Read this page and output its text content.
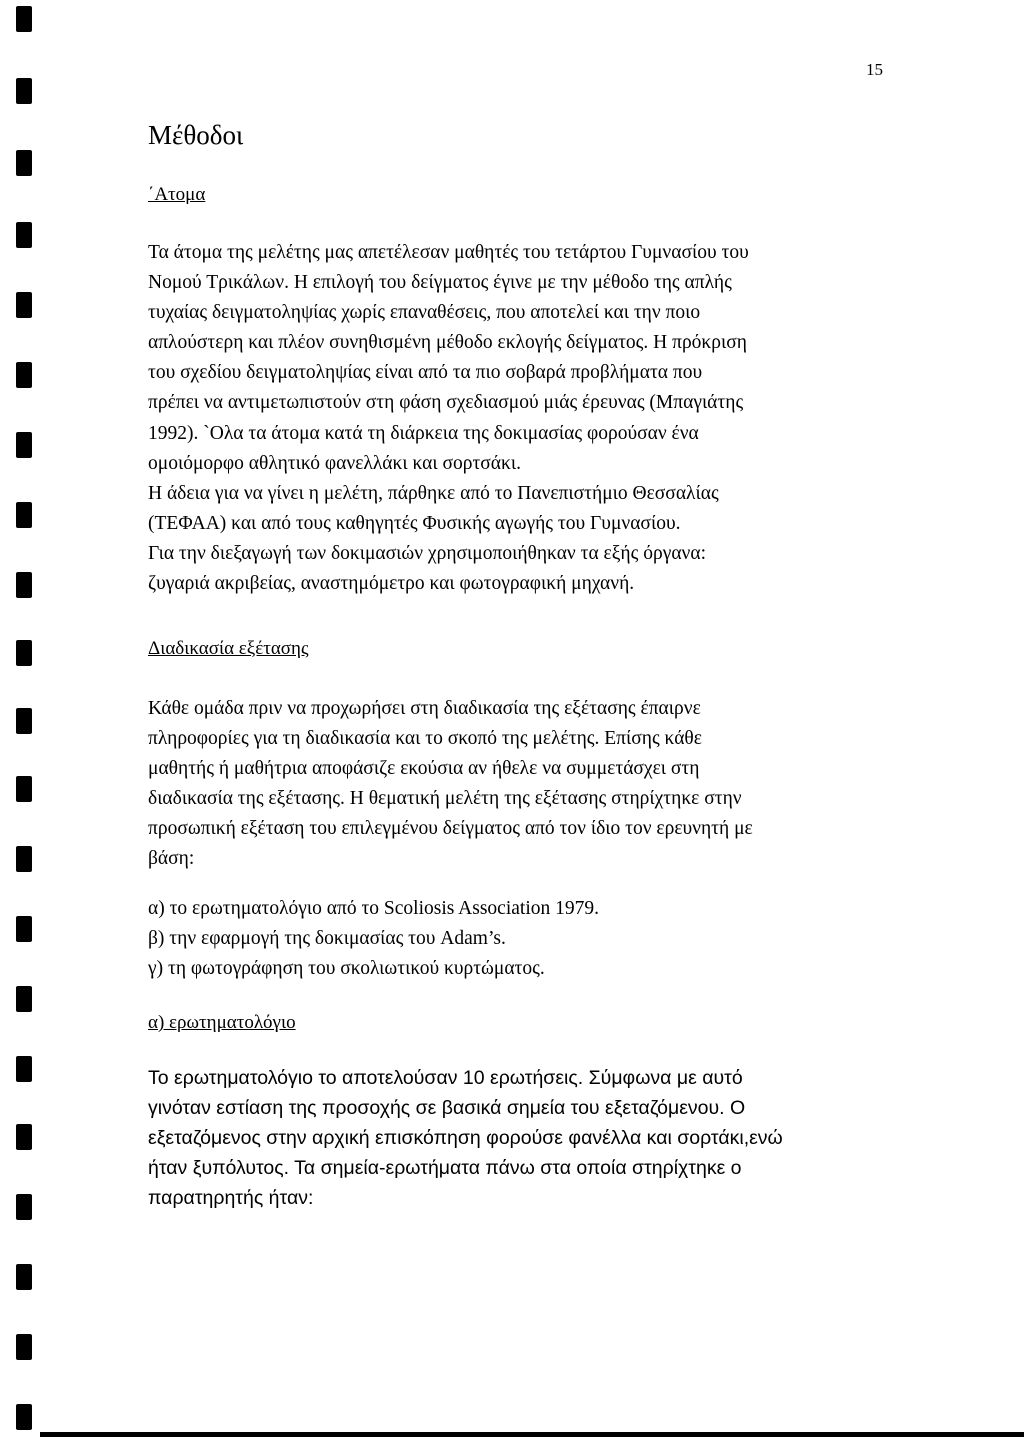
15
Μέθοδοι
΄Ατομα
Τα άτομα της μελέτης μας απετέλεσαν μαθητές του τετάρτου Γυμνασίου του
Νομού Τρικάλων. Η επιλογή του δείγματος έγινε με την μέθοδο της απλής
τυχαίας δειγματοληψίας χωρίς επαναθέσεις, που αποτελεί και την ποιο
απλούστερη και πλέον συνηθισμένη μέθοδο εκλογής δείγματος. Η πρόκριση
του σχεδίου δειγματοληψίας είναι από τα πιο σοβαρά προβλήματα που
πρέπει να αντιμετωπιστούν στη φάση σχεδιασμού μιάς έρευνας (Μπαγιάτης
1992). `Ολα τα άτομα κατά τη διάρκεια της δοκιμασίας φορούσαν ένα
ομοιόμορφο αθλητικό φανελλάκι και σορτσάκι.
Η άδεια για να γίνει η μελέτη, πάρθηκε από το Πανεπιστήμιο Θεσσαλίας
(ΤΕΦΑΑ) και από τους καθηγητές Φυσικής αγωγής του Γυμνασίου.
Για την διεξαγωγή των δοκιμασιών χρησιμοποιήθηκαν τα εξής όργανα:
ζυγαριά ακριβείας, αναστημόμετρο και φωτογραφική μηχανή.
Διαδικασία εξέτασης
Κάθε ομάδα πριν να προχωρήσει στη διαδικασία της εξέτασης έπαιρνε
πληροφορίες για τη διαδικασία και το σκοπό της μελέτης. Επίσης κάθε
μαθητής ή μαθήτρια αποφάσιζε εκούσια αν ήθελε να συμμετάσχει στη
διαδικασία της εξέτασης. Η θεματική μελέτη της εξέτασης στηρίχτηκε στην
προσωπική εξέταση του επιλεγμένου δείγματος από τον ίδιο τον ερευνητή με
βάση:
α) το ερωτηματολόγιο από το Scoliosis Association 1979.
β) την εφαρμογή της δοκιμασίας του Adam’s.
γ) τη φωτογράφηση του σκολιωτικού κυρτώματος.
α) ερωτηματολόγιο
Το ερωτηματολόγιο το αποτελούσαν 10 ερωτήσεις. Σύμφωνα με αυτό
γινόταν εστίαση της προσοχής σε βασικά σημεία του εξεταζόμενου. Ο
εξεταζόμενος στην αρχική επισκόπηση φορούσε φανέλλα και σορτάκι,ενώ
ήταν ξυπόλυτος. Τα σημεία-ερωτήματα πάνω στα οποία στηρίχτηκε ο
παρατηρητής ήταν:
